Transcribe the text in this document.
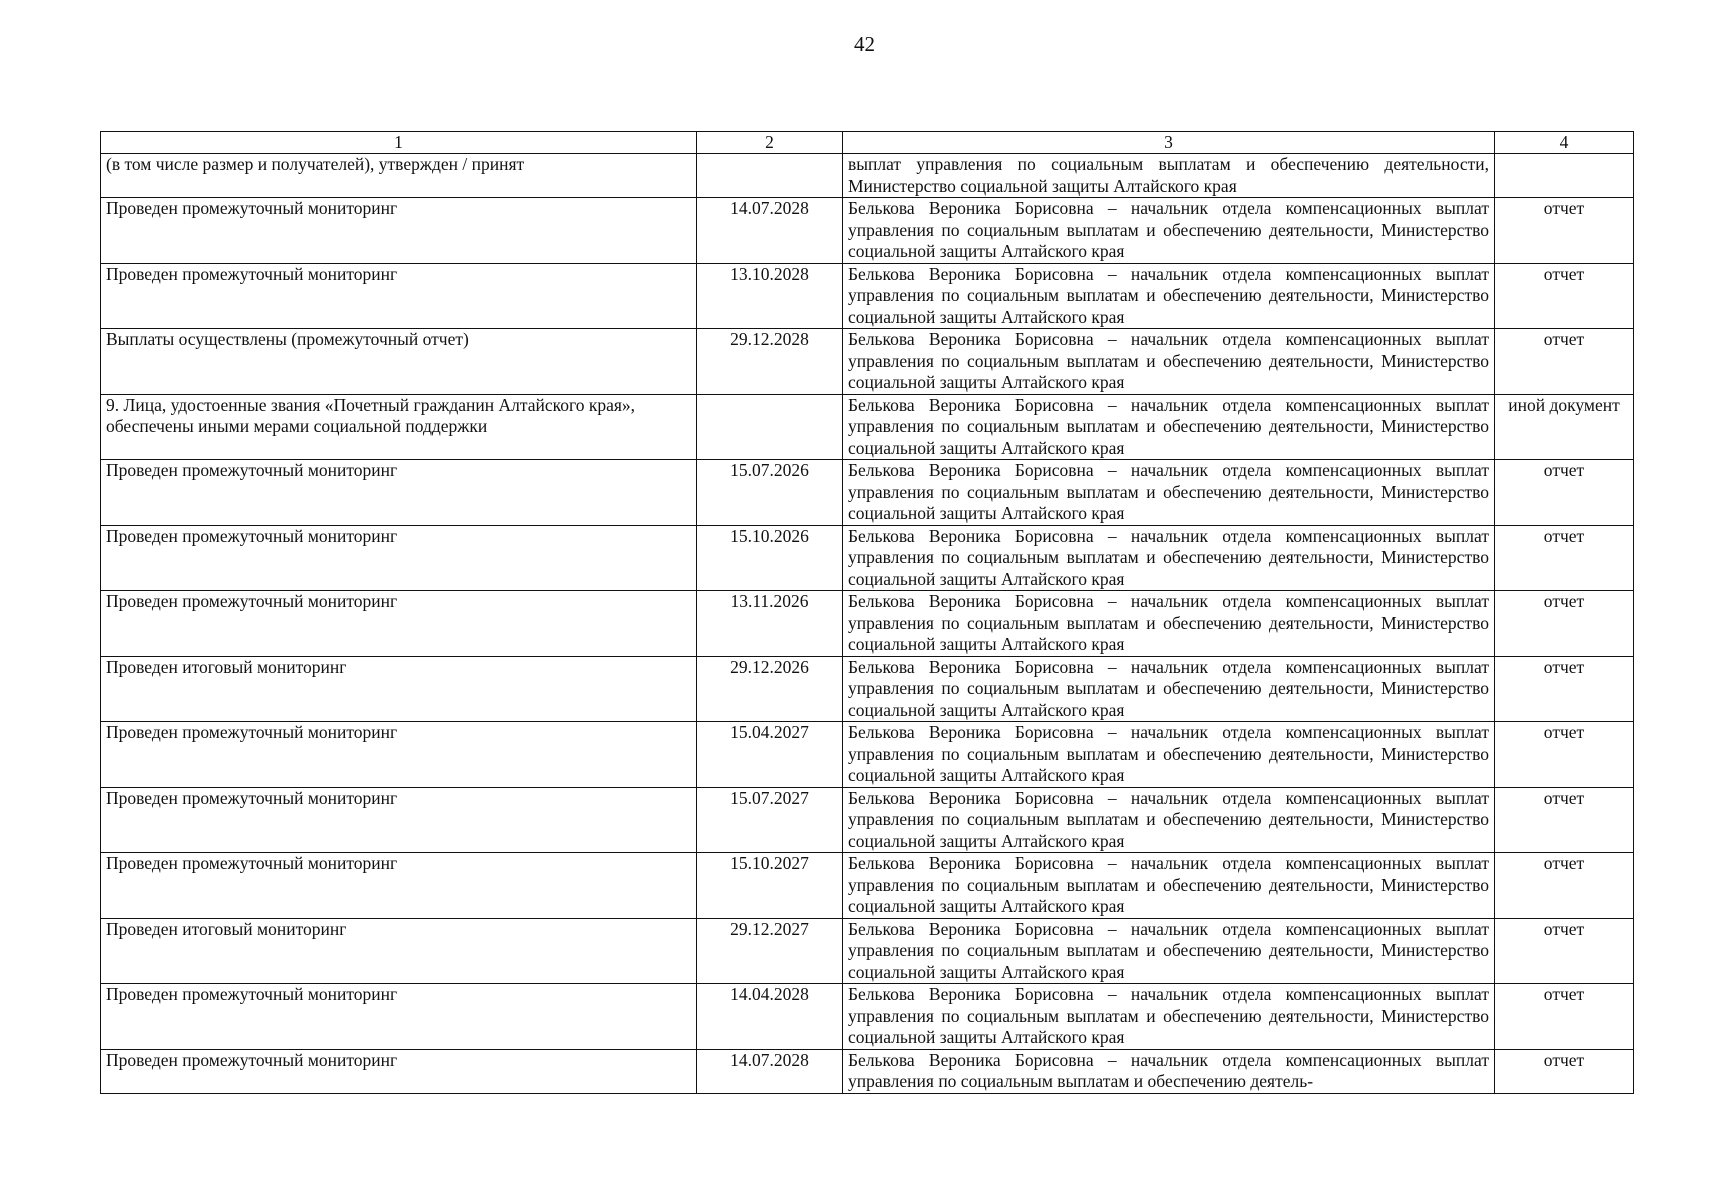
42
1	2	3	4
(в том числе размер и получателей), утвержден / принят		выплат управления по социальным выплатам и обеспечению деятельности, Министерство социальной защиты Алтайского края	
Проведен промежуточный мониторинг	14.07.2028	Белькова Вероника Борисовна – начальник отдела компенсационных выплат управления по социальным выплатам и обеспечению деятельности, Министерство социальной защиты Алтайского края	отчет
Проведен промежуточный мониторинг	13.10.2028	Белькова Вероника Борисовна – начальник отдела компенсационных выплат управления по социальным выплатам и обеспечению деятельности, Министерство социальной защиты Алтайского края	отчет
Выплаты осуществлены (промежуточный отчет)	29.12.2028	Белькова Вероника Борисовна – начальник отдела компенсационных выплат управления по социальным выплатам и обеспечению деятельности, Министерство социальной защиты Алтайского края	отчет
9. Лица, удостоенные звания «Почетный гражданин Алтайского края», обеспечены иными мерами социальной поддержки		Белькова Вероника Борисовна – начальник отдела компенсационных выплат управления по социальным выплатам и обеспечению деятельности, Министерство социальной защиты Алтайского края	иной документ
Проведен промежуточный мониторинг	15.07.2026	Белькова Вероника Борисовна – начальник отдела компенсационных выплат управления по социальным выплатам и обеспечению деятельности, Министерство социальной защиты Алтайского края	отчет
Проведен промежуточный мониторинг	15.10.2026	Белькова Вероника Борисовна – начальник отдела компенсационных выплат управления по социальным выплатам и обеспечению деятельности, Министерство социальной защиты Алтайского края	отчет
Проведен промежуточный мониторинг	13.11.2026	Белькова Вероника Борисовна – начальник отдела компенсационных выплат управления по социальным выплатам и обеспечению деятельности, Министерство социальной защиты Алтайского края	отчет
Проведен итоговый мониторинг	29.12.2026	Белькова Вероника Борисовна – начальник отдела компенсационных выплат управления по социальным выплатам и обеспечению деятельности, Министерство социальной защиты Алтайского края	отчет
Проведен промежуточный мониторинг	15.04.2027	Белькова Вероника Борисовна – начальник отдела компенсационных выплат управления по социальным выплатам и обеспечению деятельности, Министерство социальной защиты Алтайского края	отчет
Проведен промежуточный мониторинг	15.07.2027	Белькова Вероника Борисовна – начальник отдела компенсационных выплат управления по социальным выплатам и обеспечению деятельности, Министерство социальной защиты Алтайского края	отчет
Проведен промежуточный мониторинг	15.10.2027	Белькова Вероника Борисовна – начальник отдела компенсационных выплат управления по социальным выплатам и обеспечению деятельности, Министерство социальной защиты Алтайского края	отчет
Проведен итоговый мониторинг	29.12.2027	Белькова Вероника Борисовна – начальник отдела компенсационных выплат управления по социальным выплатам и обеспечению деятельности, Министерство социальной защиты Алтайского края	отчет
Проведен промежуточный мониторинг	14.04.2028	Белькова Вероника Борисовна – начальник отдела компенсационных выплат управления по социальным выплатам и обеспечению деятельности, Министерство социальной защиты Алтайского края	отчет
Проведен промежуточный мониторинг	14.07.2028	Белькова Вероника Борисовна – начальник отдела компенсационных выплат управления по социальным выплатам и обеспечению деятель-	отчет
